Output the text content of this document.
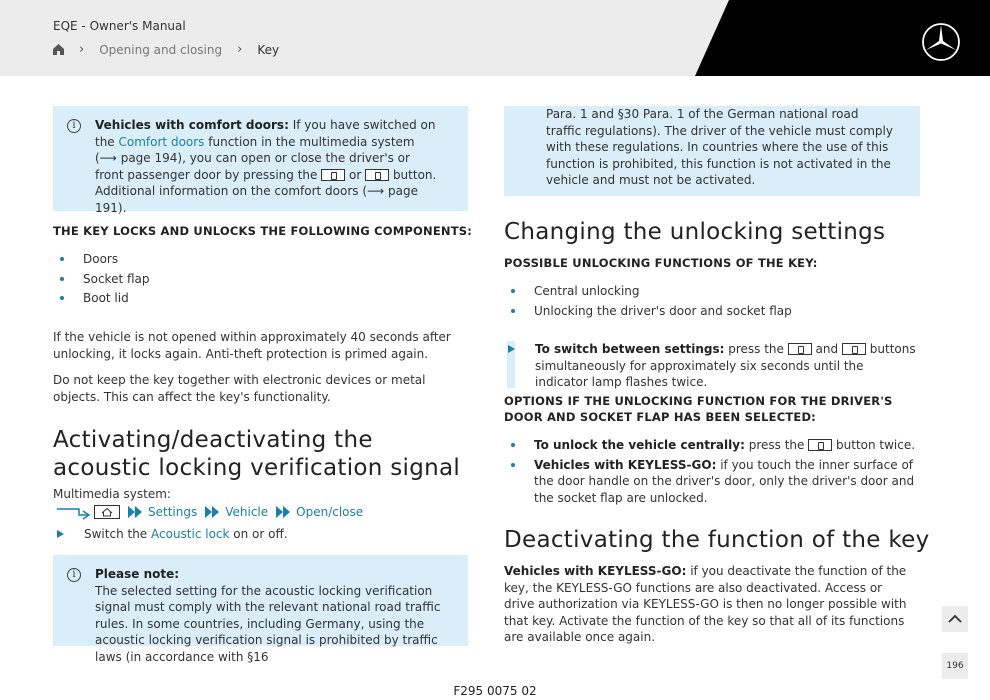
EQE - Owner's Manual
› Opening and closing › Key
i	Vehicles with comfort doors: If you have switched on the Comfort doors function in the multimedia system (⟶ page 194), you can open or close the driver's or front passenger door by pressing the  or  button. Additional information on the comfort doors (⟶ page 191).
THE KEY LOCKS AND UNLOCKS THE FOLLOWING COMPONENTS:
Doors
Socket flap
Boot lid
If the vehicle is not opened within approximately 40 seconds after unlocking, it locks again. Anti-theft protection is primed again.
Do not keep the key together with electronic devices or metal objects. This can affect the key's functionality.
Activating/deactivating the acoustic locking verification signal
Multimedia system:
Settings Vehicle Open/close
Switch the Acoustic lock on or off.
i	Please note:
The selected setting for the acoustic locking verification signal must comply with the relevant national road traffic rules. In some countries, including Germany, using the acoustic locking verification signal is prohibited by traffic laws (in accordance with §16
Para. 1 and §30 Para. 1 of the German national road traffic regulations). The driver of the vehicle must comply with these regulations. In countries where the use of this function is prohibited, this function is not activated in the vehicle and must not be activated.
Changing the unlocking settings
POSSIBLE UNLOCKING FUNCTIONS OF THE KEY:
Central unlocking
Unlocking the driver's door and socket flap
To switch between settings: press the  and  buttons simultaneously for approximately six seconds until the indicator lamp flashes twice.
OPTIONS IF THE UNLOCKING FUNCTION FOR THE DRIVER'S DOOR AND SOCKET FLAP HAS BEEN SELECTED:
To unlock the vehicle centrally: press the  button twice.
Vehicles with KEYLESS-GO: if you touch the inner surface of the door handle on the driver's door, only the driver's door and the socket flap are unlocked.
Deactivating the function of the key
Vehicles with KEYLESS-GO: if you deactivate the function of the key, the KEYLESS-GO functions are also deactivated. Access or drive authorization via KEYLESS-GO is then no longer possible with that key. Activate the function of the key so that all of its functions are available once again.
196
F295 0075 02
